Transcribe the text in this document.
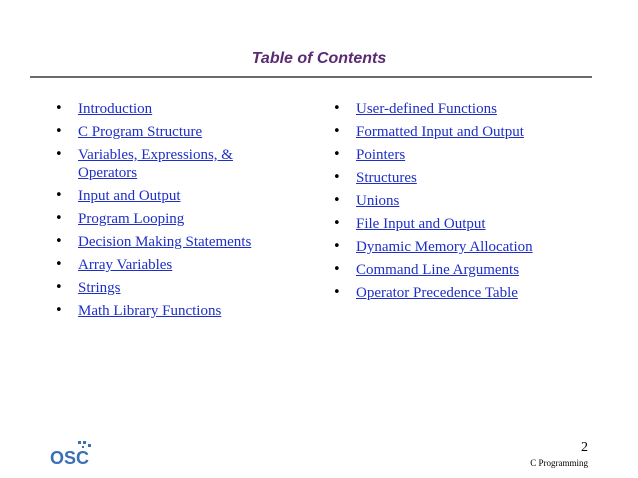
Table of Contents
• Introduction
• C Program Structure
• Variables, Expressions, & Operators
• Input and Output
• Program Looping
• Decision Making Statements
• Array Variables
• Strings
• Math Library Functions
• User-defined Functions
• Formatted Input and Output
• Pointers
• Structures
• Unions
• File Input and Output
• Dynamic Memory Allocation
• Command Line Arguments
• Operator Precedence Table
OSC
2
C Programming
